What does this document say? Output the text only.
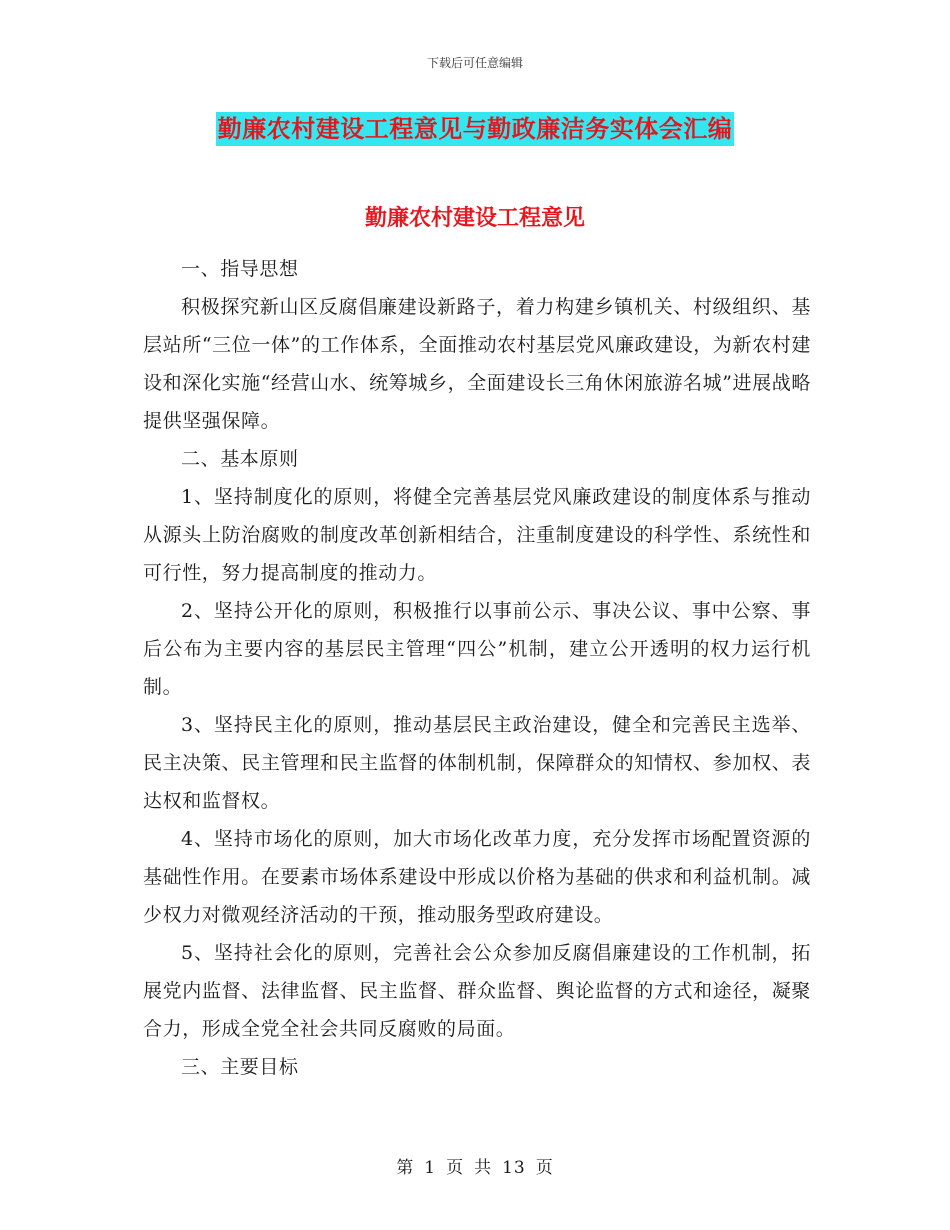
下载后可任意编辑
勤廉农村建设工程意见与勤政廉洁务实体会汇编
勤廉农村建设工程意见

一、指导思想

积极探究新山区反腐倡廉建设新路子，着力构建乡镇机关、村级组织、基层站所“三位一体”的工作体系，全面推动农村基层党风廉政建设，为新农村建设和深化实施“经营山水、统筹城乡，全面建设长三角休闲旅游名城”进展战略提供坚强保障。

二、基本原则

1、坚持制度化的原则，将健全完善基层党风廉政建设的制度体系与推动从源头上防治腐败的制度改革创新相结合，注重制度建设的科学性、系统性和可行性，努力提高制度的推动力。

2、坚持公开化的原则，积极推行以事前公示、事决公议、事中公察、事后公布为主要内容的基层民主管理“四公”机制，建立公开透明的权力运行机制。

3、坚持民主化的原则，推动基层民主政治建设，健全和完善民主选举、民主决策、民主管理和民主监督的体制机制，保障群众的知情权、参加权、表达权和监督权。

4、坚持市场化的原则，加大市场化改革力度，充分发挥市场配置资源的基础性作用。在要素市场体系建设中形成以价格为基础的供求和利益机制。减少权力对微观经济活动的干预，推动服务型政府建设。

5、坚持社会化的原则，完善社会公众参加反腐倡廉建设的工作机制，拓展党内监督、法律监督、民主监督、群众监督、舆论监督的方式和途径，凝聚合力，形成全党全社会共同反腐败的局面。

三、主要目标

第 1 页 共 13 页
